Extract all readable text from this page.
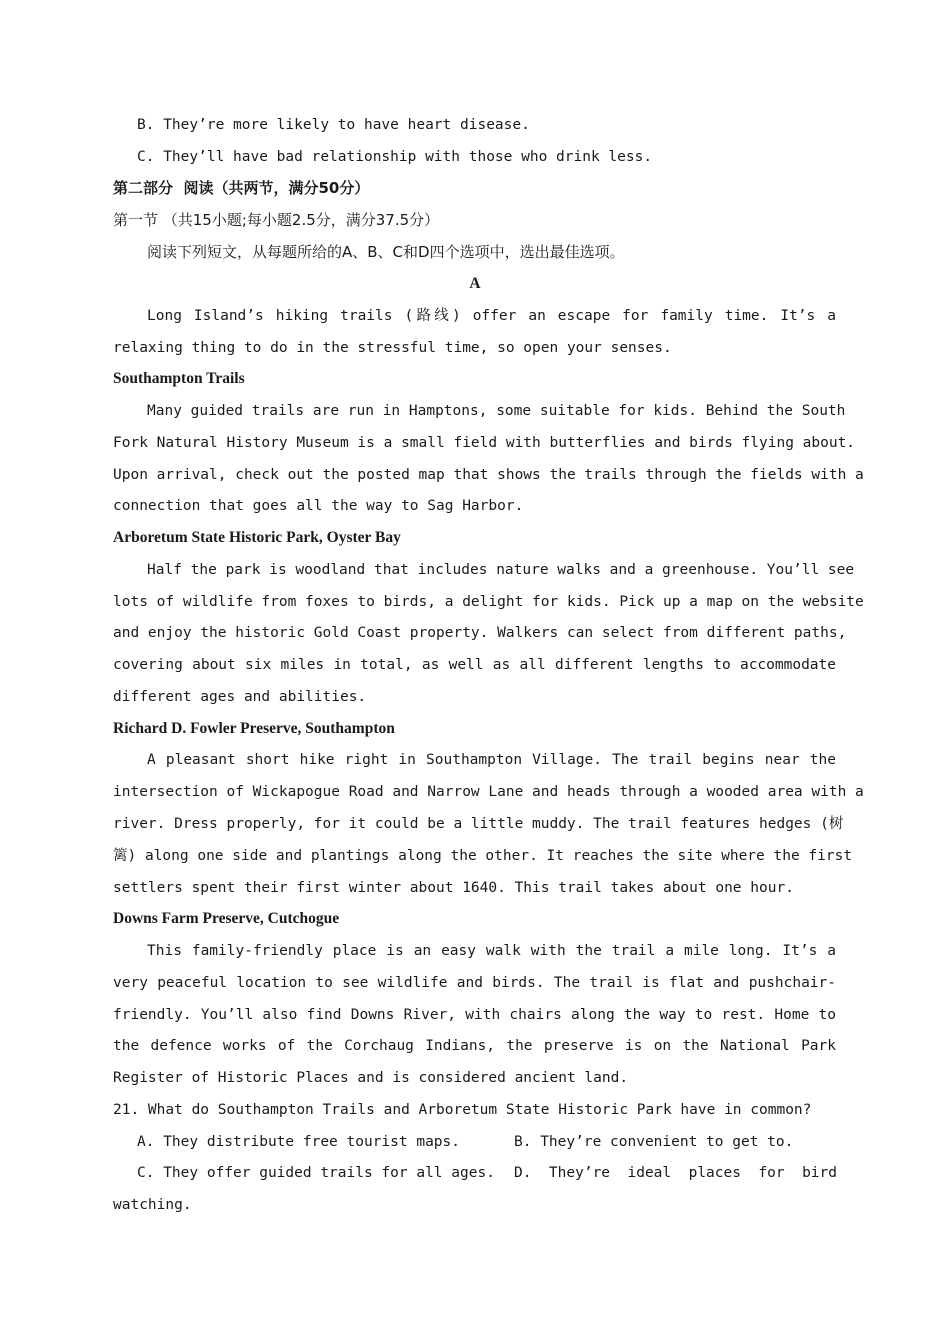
B. They’re more likely to have heart disease.
C. They’ll have bad relationship with those who drink less.
第二部分  阅读（共两节，满分50分）
第一节 （共15小题;每小题2.5分，满分37.5分）
阅读下列短文，从每题所给的A、B、C和D四个选项中，选出最佳选项。
A
Long Island’s hiking trails (路线) offer an escape for family time. It’s a
relaxing thing to do in the stressful time, so open your senses.
Southampton Trails
Many guided trails are run in Hamptons, some suitable for kids. Behind the South
Fork Natural History Museum is a small field with butterflies and birds flying about.
Upon arrival, check out the posted map that shows the trails through the fields with a
connection that goes all the way to Sag Harbor.
Arboretum State Historic Park, Oyster Bay
Half the park is woodland that includes nature walks and a greenhouse. You’ll see
lots of wildlife from foxes to birds, a delight for kids. Pick up a map on the website
and enjoy the historic Gold Coast property. Walkers can select from different paths,
covering about six miles in total, as well as all different lengths to accommodate
different ages and abilities.
Richard D. Fowler Preserve, Southampton
A pleasant short hike right in Southampton Village. The trail begins near the
intersection of Wickapogue Road and Narrow Lane and heads through a wooded area with a
river. Dress properly, for it could be a little muddy. The trail features hedges (树
篱) along one side and plantings along the other. It reaches the site where the first
settlers spent their first winter about 1640. This trail takes about one hour.
Downs Farm Preserve, Cutchogue
This family-friendly place is an easy walk with the trail a mile long. It’s a
very peaceful location to see wildlife and birds. The trail is flat and pushchair-
friendly. You’ll also find Downs River, with chairs along the way to rest. Home to
the defence works of the Corchaug Indians, the preserve is on the National Park
Register of Historic Places and is considered ancient land.
21. What do Southampton Trails and Arboretum State Historic Park have in common?
A. They distribute free tourist maps.	B. They’re convenient to get to.
C. They offer guided trails for all ages. D.  They’re  ideal  places  for  bird
watching.
